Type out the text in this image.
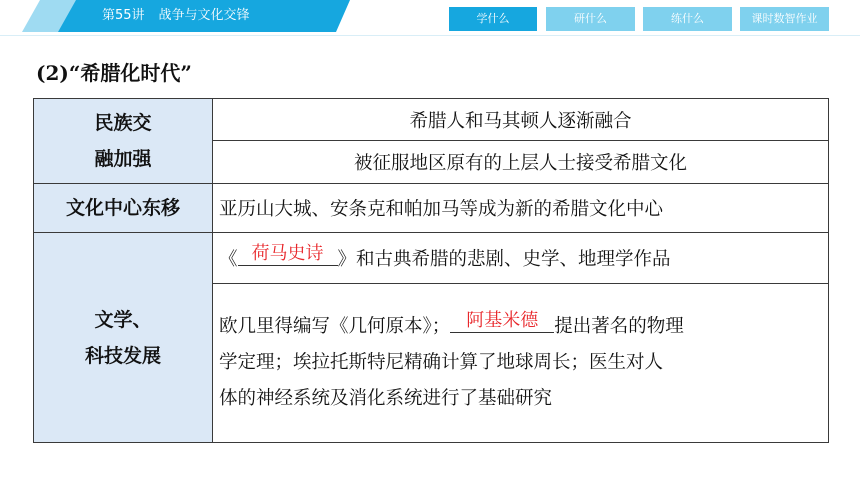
第55讲 战争与文化交锋	学什么	研什么	练什么	课时数智作业
(2)“希腊化时代”
民族交
融加强	希腊人和马其顿人逐渐融合
	被征服地区原有的上层人士接受希腊文化
文化中心东移	亚历山大城、安条克和帕加马等成为新的希腊文化中心

文学、
科技发展	《 荷马史诗 》和古典希腊的悲剧、史学、地理学作品

	欧几里得编写《几何原本》； 阿基米德 提出著名的物理
学定理；埃拉托斯特尼精确计算了地球周长；医生对人
体的神经系统及消化系统进行了基础研究
